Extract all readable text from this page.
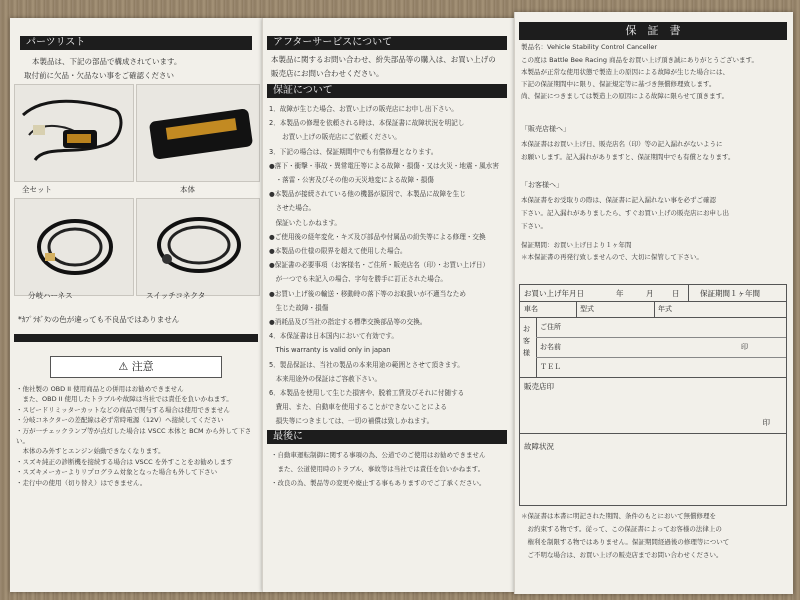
パーツリスト
本製品は、下記の部品で構成されています。
取付前に欠品・欠品ない事をご確認ください
全セット	本体
分岐ハーネス	スイッチコネクタ
*ｶﾌﾟﾗﾎﾞﾀﾝの色が違っても不良品ではありません
⚠ 注意
・他社製の OBD II 使用商品との併用はお勧めできません
　また、OBD II 使用したトラブルや故障は当社では責任を負いかねます。
・スピードリミッターカットなどの商品で関与する場合は使用できません
・分岐コネクターの差配線は必ず常時電源（12V）へ接続してください
・万が一チェックランプ等が点灯した場合は VSCC 本体と BCM から外して下さい。
　本体のみ外すとエンジン始動できなくなります。
・スズキ純正の診断機を接続する場合は VSCC を外すことをお勧めします
・スズキメーカーよりリプログラム対象となった場合も外して下さい
・走行中の使用（切り替え）はできません。
アフターサービスについて
本製品に関するお問い合わせ、紛失部品等の購入は、お買い上げの
販売店にお問い合わせください。
保証について
1．故障が生じた場合、お買い上げの販売店にお申し出下さい。
2．本製品の修理を依頼される時は、本保証書に故障状況を明記し
　　お買い上げの販売店にご依頼ください。
3．下記の場合は、保証期間中でも有償修理となります。
●落下・衝撃・事故・異常電圧等による故障・損傷・又は火災・地震・風水害
　・落雷・公害及びその他の天災地変による故障・損傷
●本製品が接続されている他の機器が原因で、本製品に故障を生じ
　させた場合。
　保証いたしかねます。
●ご使用後の経年変化・キズ及び部品や付属品の紛失等による修理・交換
●本製品の仕様の限界を超えて使用した場合。
●保証書の必要事項（お客様名・ご住所・販売店名（印）・お買い上げ日）
　が一つでも未記入の場合、字句を勝手に訂正された場合。
●お買い上げ後の輸送・移動時の落下等のお取扱いが不適当なため
　生じた故障・損傷
●消耗品及び当社の指定する標準交換部品等の交換。
4．本保証書は日本国内において有効です。
　This warranty is valid only in japan
5．製品保証は、当社の製品の本来用途の範囲とさせて頂きます。
　本来用途外の保証はご容赦下さい。
6．本製品を使用して生じた損害や、脱着工賃及びそれに付随する
　費用、また、自動車を使用することができないことによる
　損失等につきましては、一切の補償は致しかねます。
最後に
・自動車運転制御に関する事項の為、公道でのご使用はお勧めできません
　また、公道使用時のトラブル、事故等は当社では責任を負いかねます。
・改良の為、製品等の変更や廃止する事もありますのでご了承ください。
保　証　書
製品名：Vehicle Stability Control Canceller
この度は Battle Bee Racing 商品をお買い上げ頂き誠にありがとうございます。
本製品が正常な使用状態で製造上の原因による故障が生じた場合には、
下記の保証期間中に限り、保証規定等に基づき無償修理致します。
尚、保証につきましては製造上の原因による故障に限らせて頂きます。
「販売店様へ」
本保証書はお買い上げ日、販売店名（印）等の記入漏れがないように
お願いします。記入漏れがありますと、保証期間中でも有償となります。
「お客様へ」
本保証書をお受取りの際は、保証書に記入漏れない事を必ずご確認
下さい。記入漏れがありましたら、すぐお買い上げの販売店にお申し出
下さい。
保証期間：お買い上げ日より１ヶ年間
＊本保証書の再発行致しませんので、大切に保管して下さい。
お買い上げ年月日	年	月 日	保証期間１ヶ年間
車名	型式	年式
お客様
ご住所
お名前	印
ＴＥＬ
販売店印
印
故障状況
＊保証書は本書に明記された期間、条件のもとにおいて無償修理を
　お約束する物です。従って、この保証書によってお客様の法律上の
　権利を制限する物ではありません。保証期間経過後の修理等について
　ご不明な場合は、お買い上げの販売店までお問い合わせください。
